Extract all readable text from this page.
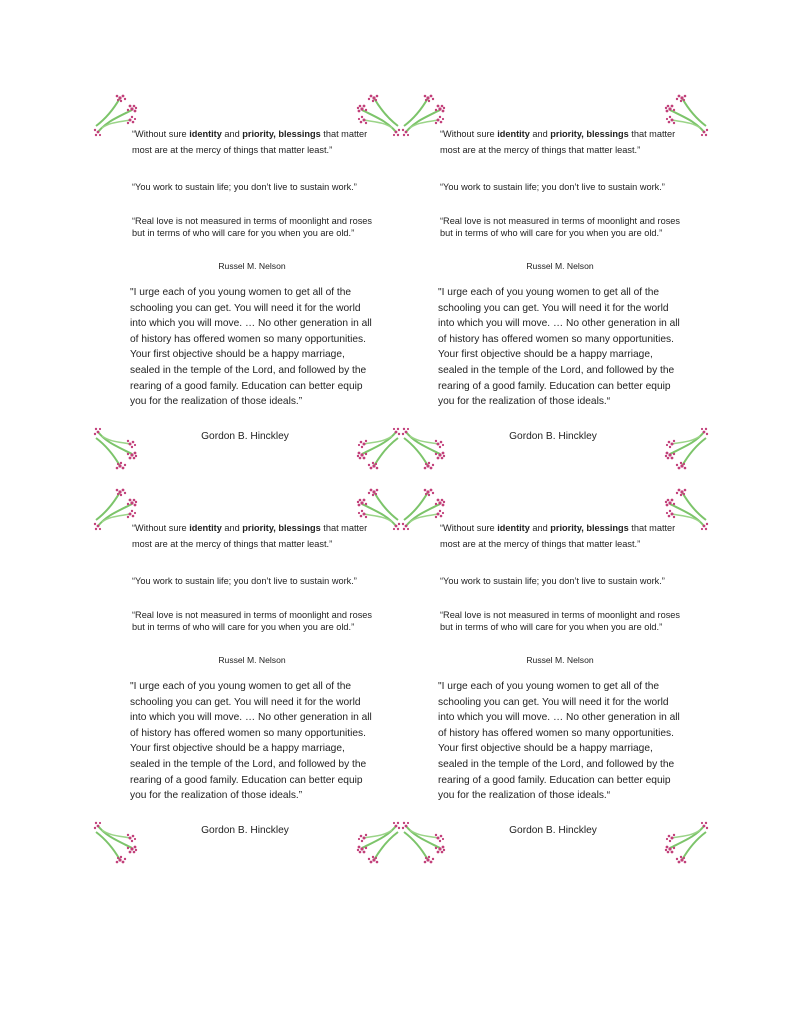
“Without sure identity and priority, blessings that matter most are at the mercy of things that matter least.”

“You work to sustain life; you don’t live to sustain work.”

“Real love is not measured in terms of moonlight and roses but in terms of who will care for you when you are old.”

Russel M. Nelson

"I urge each of you young women to get all of the schooling you can get. You will need it for the world into which you will move. … No other generation in all of history has offered women so many opportunities. Your first objective should be a happy marriage, sealed in the temple of the Lord, and followed by the rearing of a good family. Education can better equip you for the realization of those ideals.”

Gordon B. Hinckley

“Without sure identity and priority, blessings that matter most are at the mercy of things that matter least.”

“You work to sustain life; you don’t live to sustain work.”

“Real love is not measured in terms of moonlight and roses but in terms of who will care for you when you are old.”

Russel M. Nelson

"I urge each of you young women to get all of the schooling you can get. You will need it for the world into which you will move. … No other generation in all of history has offered women so many opportunities. Your first objective should be a happy marriage, sealed in the temple of the Lord, and followed by the rearing of a good family. Education can better equip you for the realization of those ideals.“

Gordon B. Hinckley

“Without sure identity and priority, blessings that matter most are at the mercy of things that matter least.”

“You work to sustain life; you don’t live to sustain work.”

“Real love is not measured in terms of moonlight and roses but in terms of who will care for you when you are old.”

Russel M. Nelson

"I urge each of you young women to get all of the schooling you can get. You will need it for the world into which you will move. … No other generation in all of history has offered women so many opportunities. Your first objective should be a happy marriage, sealed in the temple of the Lord, and followed by the rearing of a good family. Education can better equip you for the realization of those ideals.”

Gordon B. Hinckley

“Without sure identity and priority, blessings that matter most are at the mercy of things that matter least.”

“You work to sustain life; you don’t live to sustain work.”

“Real love is not measured in terms of moonlight and roses but in terms of who will care for you when you are old.”

Russel M. Nelson

"I urge each of you young women to get all of the schooling you can get. You will need it for the world into which you will move. … No other generation in all of history has offered women so many opportunities. Your first objective should be a happy marriage, sealed in the temple of the Lord, and followed by the rearing of a good family. Education can better equip you for the realization of those ideals.“

Gordon B. Hinckley
